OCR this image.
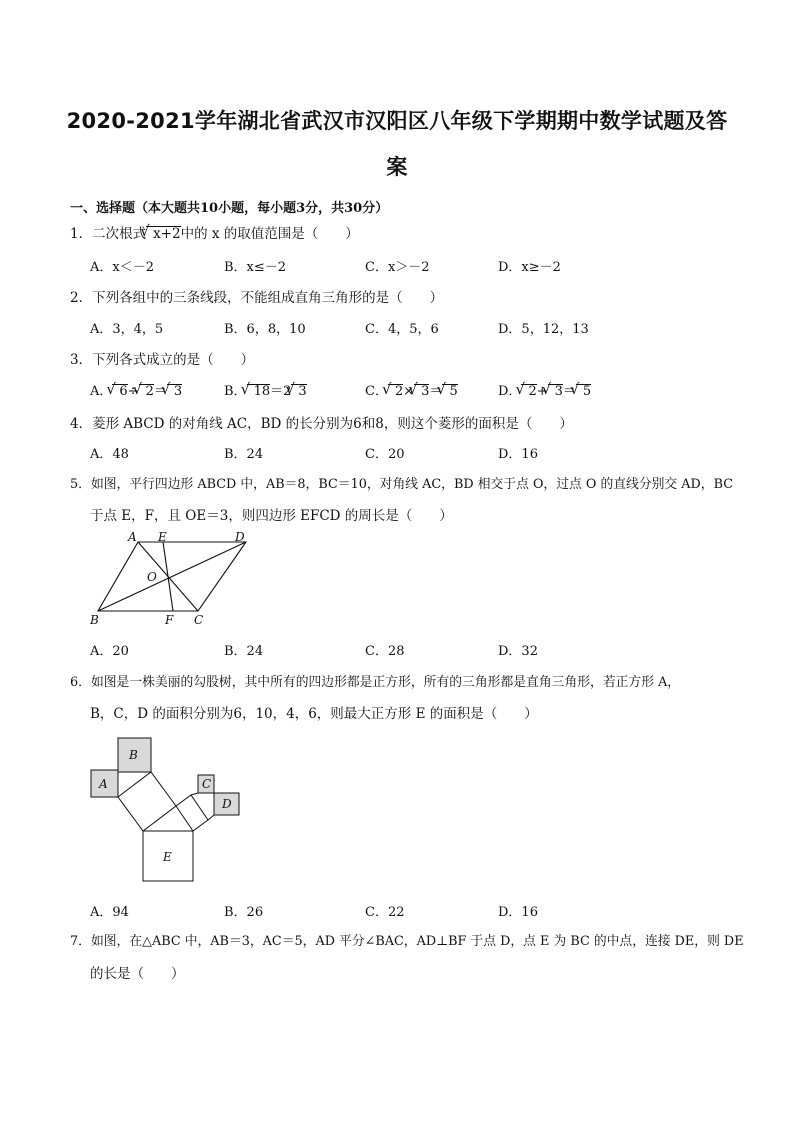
2020-2021学年湖北省武汉市汉阳区八年级下学期期中数学试题及答
案
一、选择题（本大题共10小题，每小题3分，共30分）
1．二次根式 √ x+2中的 x 的取值范围是（　　）
A．x＜－2	B．x≤－2	C．x＞－2	D．x≥－2
2．下列各组中的三条线段，不能组成直角三角形的是（　　）
A．3，4，5	B．6，8，10	C．4，5，6	D．5，12，13
3．下列各式成立的是（　　）
A． √ 6÷ √ 2＝ √ 3	B． √ 18＝2 √ 3	C． √ 2× √ 3＝ √ 5	D． √ 2+ √ 3＝ √ 5
4．菱形 ABCD 的对角线 AC，BD 的长分别为6和8，则这个菱形的面积是（　　）
A．48	B．24	C．20	D．16
5．如图，平行四边形 ABCD 中，AB＝8，BC＝10，对角线 AC，BD 相交于点 O，过点 O 的直线分别交 AD，BC
于点 E，F，且 OE＝3，则四边形 EFCD 的周长是（　　）
A E	D
O
B	F C
A．20	B．24	C．28	D．32
6．如图是一株美丽的勾股树，其中所有的四边形都是正方形，所有的三角形都是直角三角形，若正方形 A，
B，C，D 的面积分别为6，10，4，6，则最大正方形 E 的面积是（　　）
A
B
C
D
E
A．94	B．26	C．22	D．16
7．如图，在△ABC 中，AB＝3，AC＝5，AD 平分∠BAC，AD⊥BF 于点 D，点 E 为 BC 的中点，连接 DE，则 DE
的长是（　　）
